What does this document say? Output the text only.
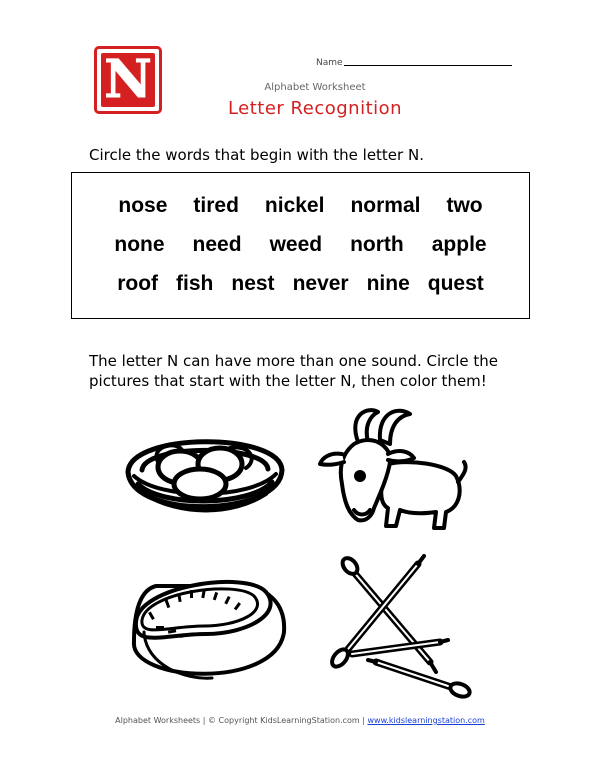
N	Name
Alphabet Worksheet
Letter Recognition
Circle the words that begin with the letter N.
nose tired nickel normal two
none need weed north apple
roof fish nest never nine quest
The letter N can have more than one sound. Circle the pictures that start with the letter N, then color them!
Alphabet Worksheets | © Copyright KidsLearningStation.com | www.kidslearningstation.com
